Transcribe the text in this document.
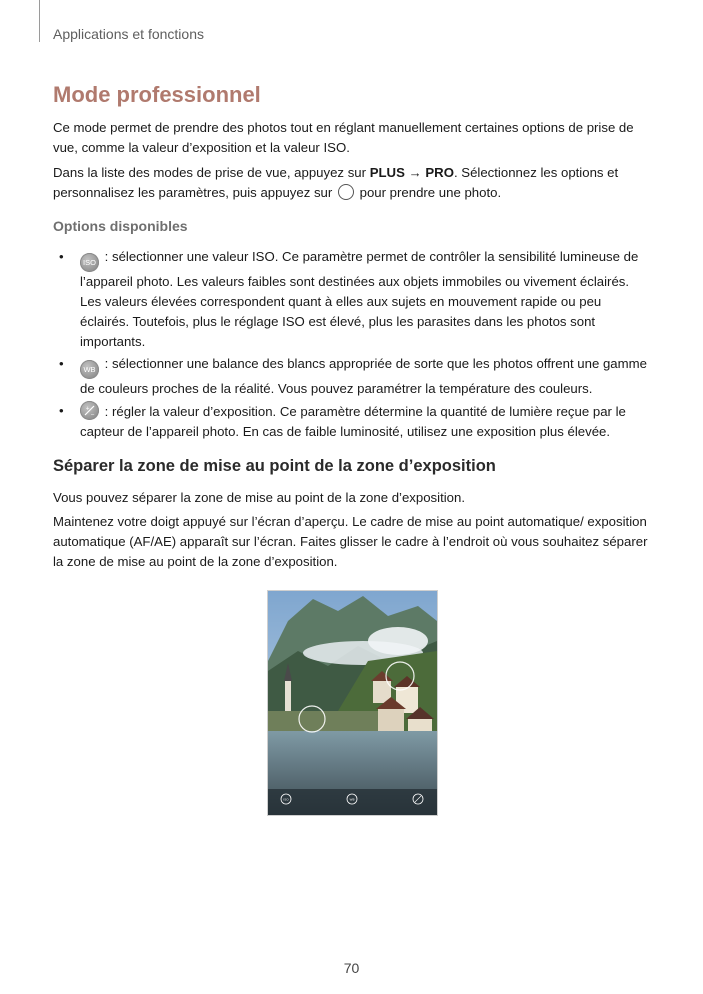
Applications et fonctions
Mode professionnel

Ce mode permet de prendre des photos tout en réglant manuellement certaines options de prise de vue, comme la valeur d’exposition et la valeur ISO.

Dans la liste des modes de prise de vue, appuyez sur PLUS → PRO. Sélectionnez les options et personnalisez les paramètres, puis appuyez sur  pour prendre une photo.

Options disponibles
•	ISO : sélectionner une valeur ISO. Ce paramètre permet de contrôler la sensibilité lumineuse de l’appareil photo. Les valeurs faibles sont destinées aux objets immobiles ou vivement éclairés. Les valeurs élevées correspondent quant à elles aux sujets en mouvement rapide ou peu éclairés. Toutefois, plus le réglage ISO est élevé, plus les parasites dans les photos sont importants.
•	WB : sélectionner une balance des blancs appropriée de sorte que les photos offrent une gamme de couleurs proches de la réalité. Vous pouvez paramétrer la température des couleurs.
•	+
− : régler la valeur d’exposition. Ce paramètre détermine la quantité de lumière reçue par le capteur de l’appareil photo. En cas de faible luminosité, utilisez une exposition plus élevée.
Séparer la zone de mise au point de la zone d’exposition

Vous pouvez séparer la zone de mise au point de la zone d’exposition.

Maintenez votre doigt appuyé sur l’écran d’aperçu. Le cadre de mise au point automatique/ exposition automatique (AF/AE) apparaît sur l’écran. Faites glisser le cadre à l’endroit où vous souhaitez séparer la zone de mise au point de la zone d’exposition.

ISO	WB
70
